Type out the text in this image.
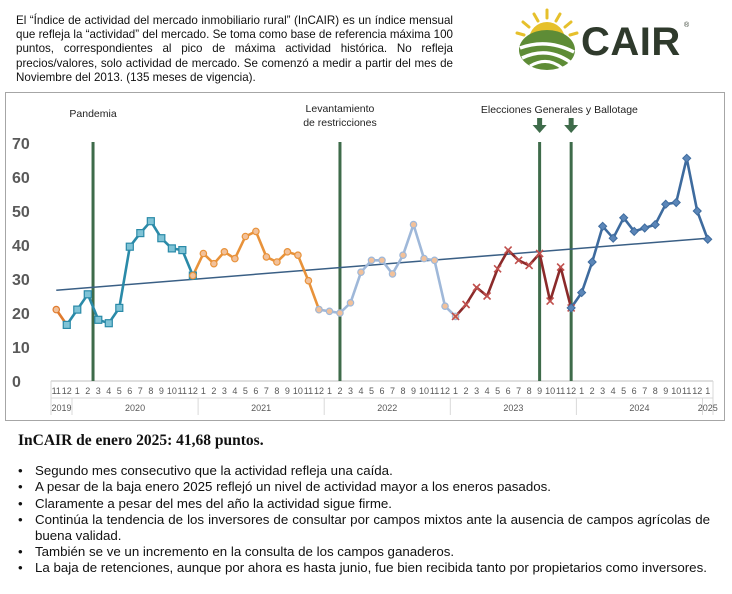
El “Índice de actividad del mercado inmobiliario rural” (InCAIR) es un índice mensual que refleja la “actividad” del mercado. Se toma como base de referencia máxima 100 puntos, correspondientes al pico de máxima actividad histórica. No refleja precios/valores, solo actividad de mercado. Se comenzó a medir a partir del mes de Noviembre del 2013. (135 meses de vigencia).
CAIR ®
0
10
20
30
40
50
60
70
11 12 1 2 3 4 5 6 7 8 9 10 11 12 1 2 3 4 5 6 7 8 9 10 11 12 1 2 3 4 5 6 7 8 9 10 11 12 1 2 3 4 5 6 7 8 9 10 11 12 1 2 3 4 5 6 7 8 9 10 11 12 1
2019	2020	2021	2022	2023	2024	2025
Pandemia	Levantamiento
de restricciones
Elecciones Generales y Ballotage
InCAIR de enero 2025: 41,68 puntos.
• Segundo mes consecutivo que la actividad refleja una caída.
• A pesar de la baja enero 2025 reflejó un nivel de actividad mayor a los eneros pasados.
• Claramente a pesar del mes del año la actividad sigue firme.
• Continúa la tendencia de los inversores de consultar por campos mixtos ante la ausencia de campos agrícolas de buena validad.
• También se ve un incremento en la consulta de los campos ganaderos.
• La baja de retenciones, aunque por ahora es hasta junio, fue bien recibida tanto por propietarios como inversores.
